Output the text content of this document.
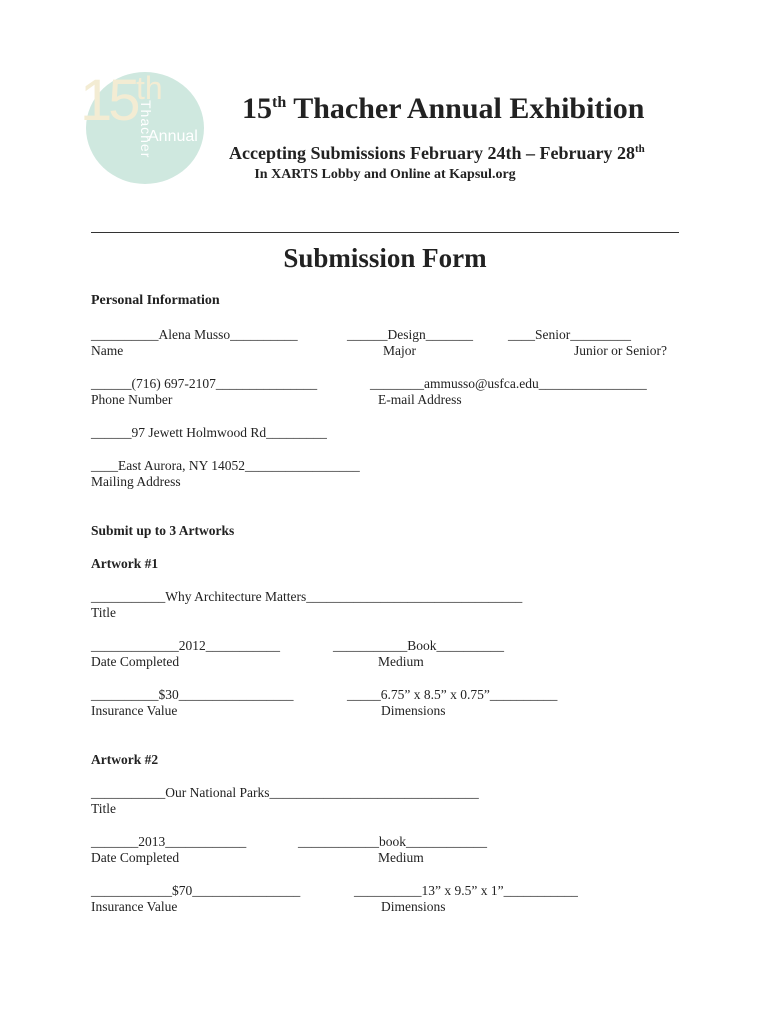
15 th
Thacher
Annual
15th Thacher Annual Exhibition
Accepting Submissions February 24th – February 28th
In XARTS Lobby and Online at Kapsul.org
Submission Form
Personal Information
__________Alena Musso__________
Name
______Design_______
Major
____Senior_________
Junior or Senior?
______(716) 697-2107_______________
Phone Number
________ammusso@usfca.edu________________
E-mail Address
______97 Jewett Holmwood Rd_________
____East Aurora, NY 14052_________________
Mailing Address
Submit up to 3 Artworks
Artwork #1
___________Why Architecture Matters________________________________
Title
_____________2012___________
Date Completed
___________Book__________
Medium
__________$30_________________
Insurance Value
_____6.75” x 8.5” x 0.75”__________
Dimensions
Artwork #2
___________Our National Parks_______________________________
Title
_______2013____________
Date Completed
____________book____________
Medium
____________$70________________
Insurance Value
__________13” x 9.5” x 1”___________
Dimensions
